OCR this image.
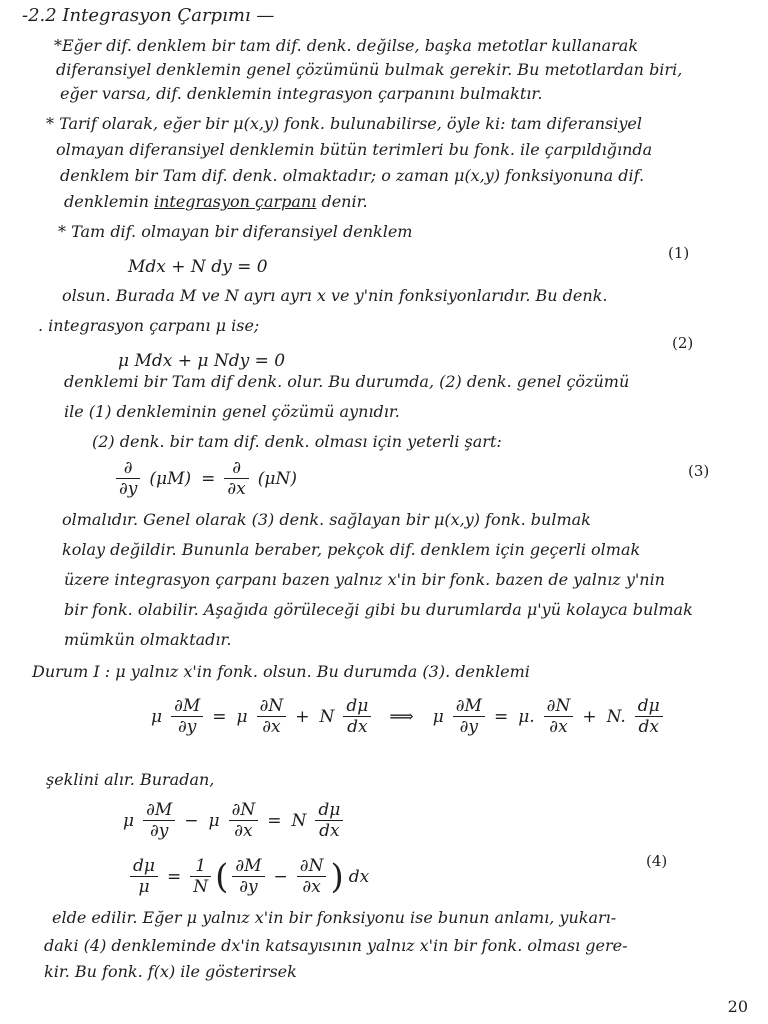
-2.2 Integrasyon Çarpımı —
*Eğer dif. denklem bir tam dif. denk. değilse, başka metotlar kullanarak
diferansiyel denklemin genel çözümünü bulmak gerekir. Bu metotlardan biri,
eğer varsa, dif. denklemin integrasyon çarpanını bulmaktır.
* Tarif olarak, eğer bir μ(x,y) fonk. bulunabilirse, öyle ki: tam diferansiyel
olmayan diferansiyel denklemin bütün terimleri bu fonk. ile çarpıldığında
denklem bir Tam dif. denk. olmaktadır; o zaman μ(x,y) fonksiyonuna dif.
denklemin integrasyon çarpanı denir.
* Tam dif. olmayan bir diferansiyel denklem
Mdx + N dy = 0
(1)
olsun. Burada M ve N ayrı ayrı x ve y'nin fonksiyonlarıdır. Bu denk.
. integrasyon çarpanı μ ise;
μ Mdx + μ Ndy = 0
(2)
denklemi bir Tam dif denk. olur. Bu durumda, (2) denk. genel çözümü
ile (1) denkleminin genel çözümü aynıdır.
(2) denk. bir tam dif. denk. olması için yeterli şart:
$\frac{\partial}{\partial y} (\mu M) = \frac{\partial}{\partial x} (\mu N)$	(3)
olmalıdır. Genel olarak (3) denk. sağlayan bir μ(x,y) fonk. bulmak
kolay değildir. Bununla beraber, pekçok dif. denklem için geçerli olmak
üzere integrasyon çarpanı bazen yalnız x'in bir fonk. bazen de yalnız y'nin
bir fonk. olabilir. Aşağıda görüleceği gibi bu durumlarda μ'yü kolayca bulmak
mümkün olmaktadır.
Durum I : μ yalnız x'in fonk. olsun. Bu durumda (3). denklemi
μ $\frac{\partial M}{\partial y} = \mu \frac{\partial N}{\partial x} + N \frac{d\mu}{dx}$ ⟹ μ $\frac{\partial M}{\partial y} = \mu$. $\frac{\partial N}{\partial x} + N$. $\frac{d\mu}{dx}$
şeklini alır. Buradan,
μ $\frac{\partial M}{\partial y} - \mu \frac{\partial N}{\partial x} = N \frac{d\mu}{dx}$
$\frac{d\mu}{\mu} = \frac{1}{N}$ ( $\frac{\partial M}{\partial y} - \frac{\partial N}{\partial x}$ ) dx
(4)
elde edilir. Eğer μ yalnız x'in bir fonksiyonu ise bunun anlamı, yukarı-
daki (4) denkleminde dx'in katsayısının yalnız x'in bir fonk. olması gere-
kir. Bu fonk. f(x) ile gösterirsek
20
